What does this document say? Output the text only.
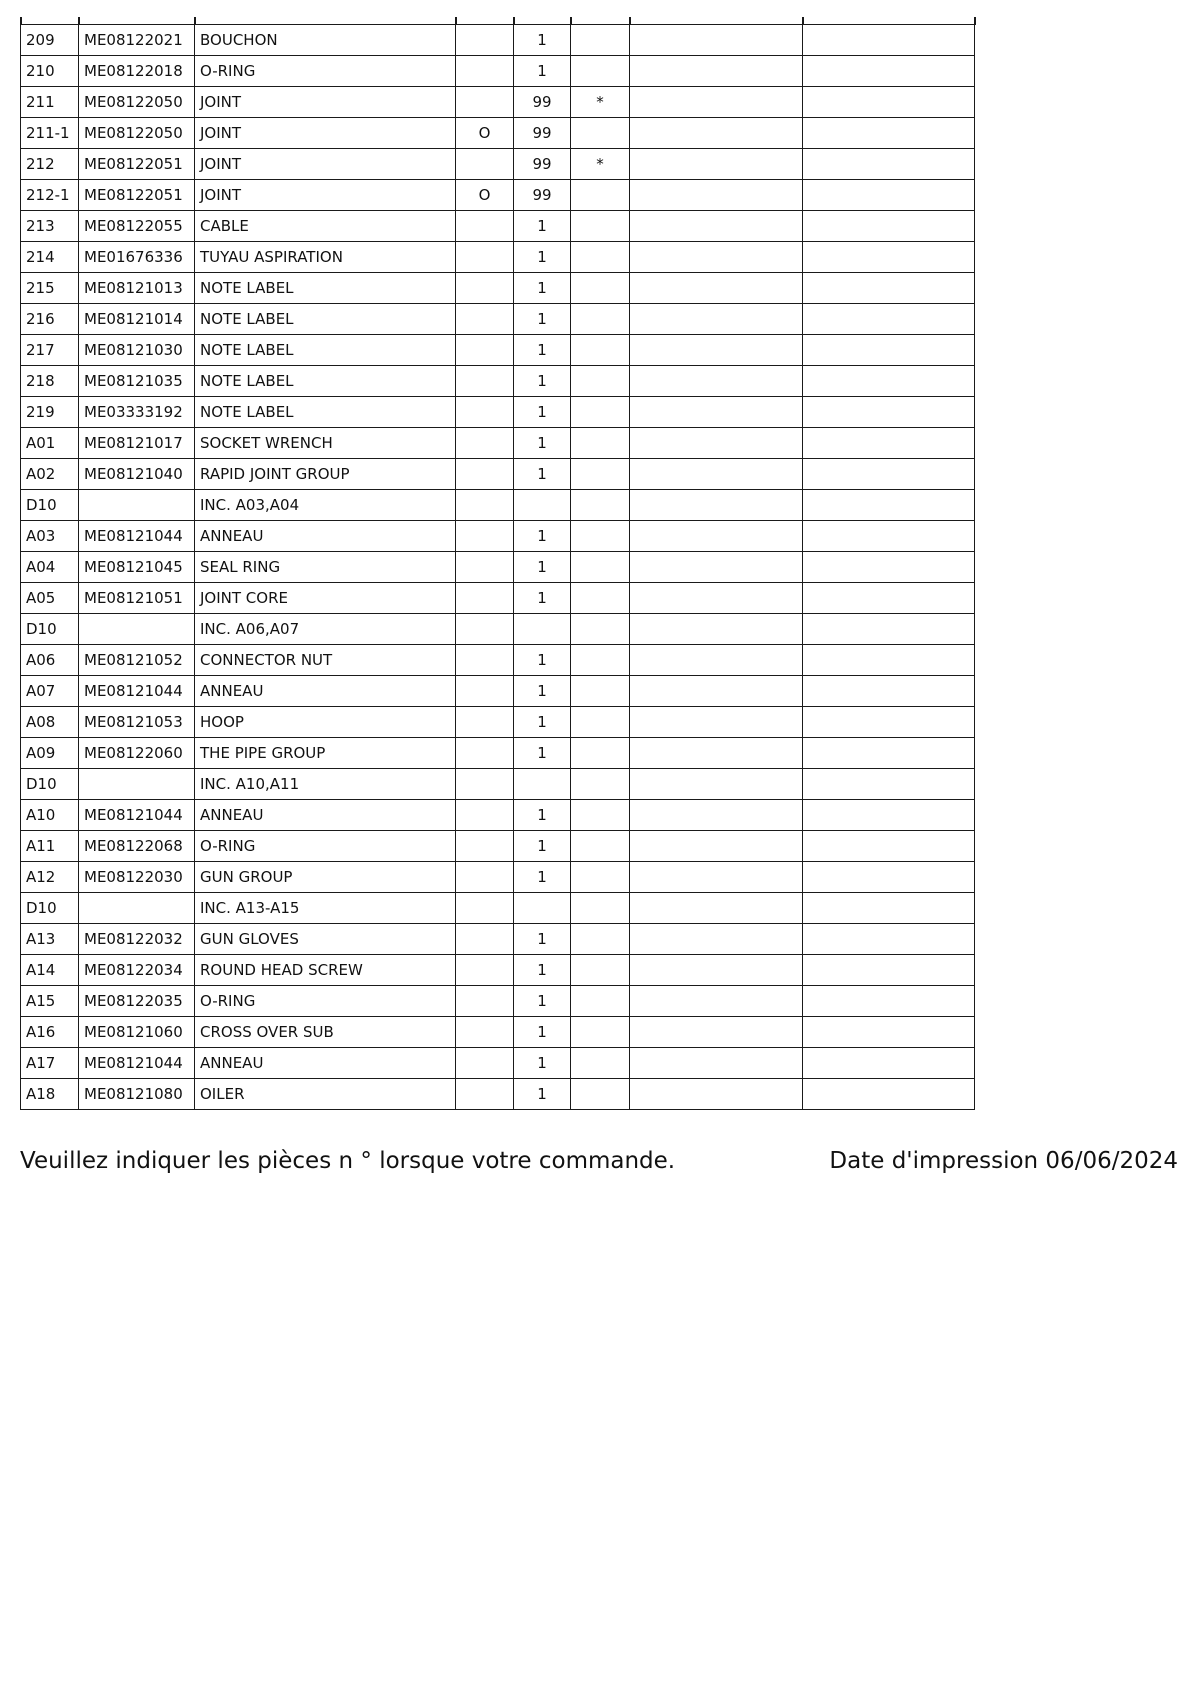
209	ME08122021	BOUCHON		1			
210	ME08122018	O-RING		1			
211	ME08122050	JOINT		99	*		
211-1	ME08122050	JOINT	O	99			
212	ME08122051	JOINT		99	*		
212-1	ME08122051	JOINT	O	99			
213	ME08122055	CABLE		1			
214	ME01676336	TUYAU ASPIRATION		1			
215	ME08121013	NOTE LABEL		1			
216	ME08121014	NOTE LABEL		1			
217	ME08121030	NOTE LABEL		1			
218	ME08121035	NOTE LABEL		1			
219	ME03333192	NOTE LABEL		1			
A01	ME08121017	SOCKET WRENCH		1			
A02	ME08121040	RAPID JOINT GROUP		1			
D10		INC. A03,A04					
A03	ME08121044	ANNEAU		1			
A04	ME08121045	SEAL RING		1			
A05	ME08121051	JOINT CORE		1			
D10		INC. A06,A07					
A06	ME08121052	CONNECTOR NUT		1			
A07	ME08121044	ANNEAU		1			
A08	ME08121053	HOOP		1			
A09	ME08122060	THE PIPE GROUP		1			
D10		INC. A10,A11					
A10	ME08121044	ANNEAU		1			
A11	ME08122068	O-RING		1			
A12	ME08122030	GUN GROUP		1			
D10		INC. A13-A15					
A13	ME08122032	GUN GLOVES		1			
A14	ME08122034	ROUND HEAD SCREW		1			
A15	ME08122035	O-RING		1			
A16	ME08121060	CROSS OVER SUB		1			
A17	ME08121044	ANNEAU		1			
A18	ME08121080	OILER		1			
Veuillez indiquer les pièces n ° lorsque votre commande.	Date d'impression 06/06/2024
